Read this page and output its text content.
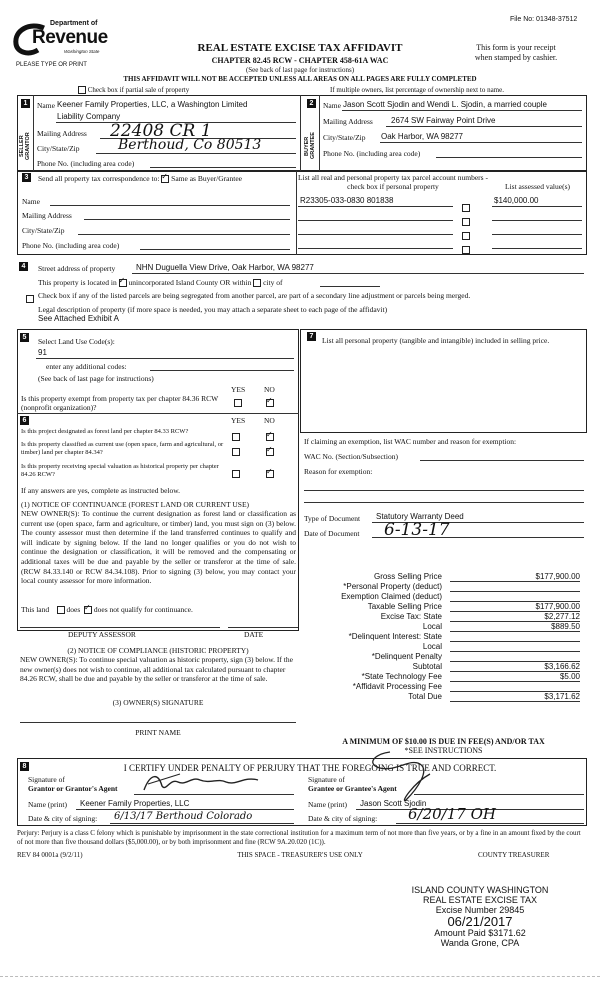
File No: 01348-37512
Department of
Revenue
Washington State
PLEASE TYPE OR PRINT
REAL ESTATE EXCISE TAX AFFIDAVIT
CHAPTER 82.45 RCW - CHAPTER 458-61A WAC
(See back of last page for instructions)
This form is your receipt
when stamped by cashier.
THIS AFFIDAVIT WILL NOT BE ACCEPTED UNLESS ALL AREAS ON ALL PAGES ARE FULLY COMPLETED
Check box if partial sale of property	If multiple owners, list percentage of ownership next to name.
1
SELLER GRANTOR
Name Keener Family Properties, LLC, a Washington Limited
Liability Company
Mailing Address 22408 CR 1
City/State/Zip	Berthoud, Co 80513
Phone No. (including area code)
2
BUYER GRANTEE
Name Jason Scott Sjodin and Wendi L. Sjodin, a married couple
Mailing Address 2674 SW Fairway Point Drive
City/State/Zip Oak Harbor, WA 98277
Phone No. (including area code)
3	Send all property tax correspondence to: ✓ Same as Buyer/Grantee
Name
Mailing Address
City/State/Zip
Phone No. (including area code)
List all real and personal property tax parcel account numbers - check box if personal property	List assessed value(s)
R23305-033-0830 801838	$140,000.00
4	Street address of property	NHN Duguella View Drive, Oak Harbor, WA 98277
This property is located in ✓ unincorporated Island County OR within city of
Check box if any of the listed parcels are being segregated from another parcel, are part of a secondary line adjustment or parcels being merged.
Legal description of property (if more space is needed, you may attach a separate sheet to each page of the affidavit)
See Attached Exhibit A
5	Select Land Use Code(s):
91
enter any additional codes:
(See back of last page for instructions)
YES	NO
Is this property exempt from property tax per chapter 84.36 RCW (nonprofit organization)?
✓
6	YES	NO
Is this project designated as forest land per chapter 84.33 RCW?
✓
Is this property classified as current use (open space, farm and agricultural, or timber) land per chapter 84.34?
✓
Is this property receiving special valuation as historical property per chapter 84.26 RCW?
✓
If any answers are yes, complete as instructed below.
(1) NOTICE OF CONTINUANCE (FOREST LAND OR CURRENT USE)
NEW OWNER(S): To continue the current designation as forest land or classification as current use (open space, farm and agriculture, or timber) land, you must sign on (3) below. The county assessor must then determine if the land transferred continues to qualify and will indicate by signing below. If the land no longer qualifies or you do not wish to continue the designation or classification, it will be removed and the compensating or additional taxes will be due and payable by the seller or transferor at the time of sale. (RCW 84.33.140 or RCW 84.34.108). Prior to signing (3) below, you may contact your local county assessor for more information.
This land does ✓ does not qualify for continuance.
DEPUTY ASSESSOR	DATE
(2) NOTICE OF COMPLIANCE (HISTORIC PROPERTY)
NEW OWNER(S): To continue special valuation as historic property, sign (3) below. If the new owner(s) does not wish to continue, all additional tax calculated pursuant to chapter 84.26 RCW, shall be due and payable by the seller or transferor at the time of sale.
(3) OWNER(S) SIGNATURE
PRINT NAME
7	List all personal property (tangible and intangible) included in selling price.
If claiming an exemption, list WAC number and reason for exemption:
WAC No. (Section/Subsection)
Reason for exemption:
Type of Document Statutory Warranty Deed
Date of Document 6-13-17
Gross Selling Price	$177,900.00
*Personal Property (deduct)
Exemption Claimed (deduct)
Taxable Selling Price	$177,900.00
Excise Tax: State	$2,277.12
Local	$889.50
*Delinquent Interest: State
Local
*Delinquent Penalty
Subtotal	$3,166.62
*State Technology Fee	$5.00
*Affidavit Processing Fee
Total Due	$3,171.62
A MINIMUM OF $10.00 IS DUE IN FEE(S) AND/OR TAX
*SEE INSTRUCTIONS
8	I CERTIFY UNDER PENALTY OF PERJURY THAT THE FOREGOING IS TRUE AND CORRECT.
Signature of
Grantor or Grantor's Agent
Name (print) Keener Family Properties, LLC
Date & city of signing: 6/13/17 Berthoud Colorado
Signature of
Grantee or Grantee's Agent
Name (print) Jason Scott Sjodin
Date & city of signing: 6/20/17 OH
Perjury: Perjury is a class C felony which is punishable by imprisonment in the state correctional institution for a maximum term of not more than five years, or by a fine in an amount fixed by the court of not more than five thousand dollars ($5,000.00), or by both imprisonment and fine (RCW 9A.20.020 (1C)).
REV 84 0001a (9/2/11)	THIS SPACE - TREASURER'S USE ONLY	COUNTY TREASURER
ISLAND COUNTY WASHINGTON
REAL ESTATE EXCISE TAX
Excise Number 29845
06/21/2017
Amount Paid $3171.62
Wanda Grone, CPA
